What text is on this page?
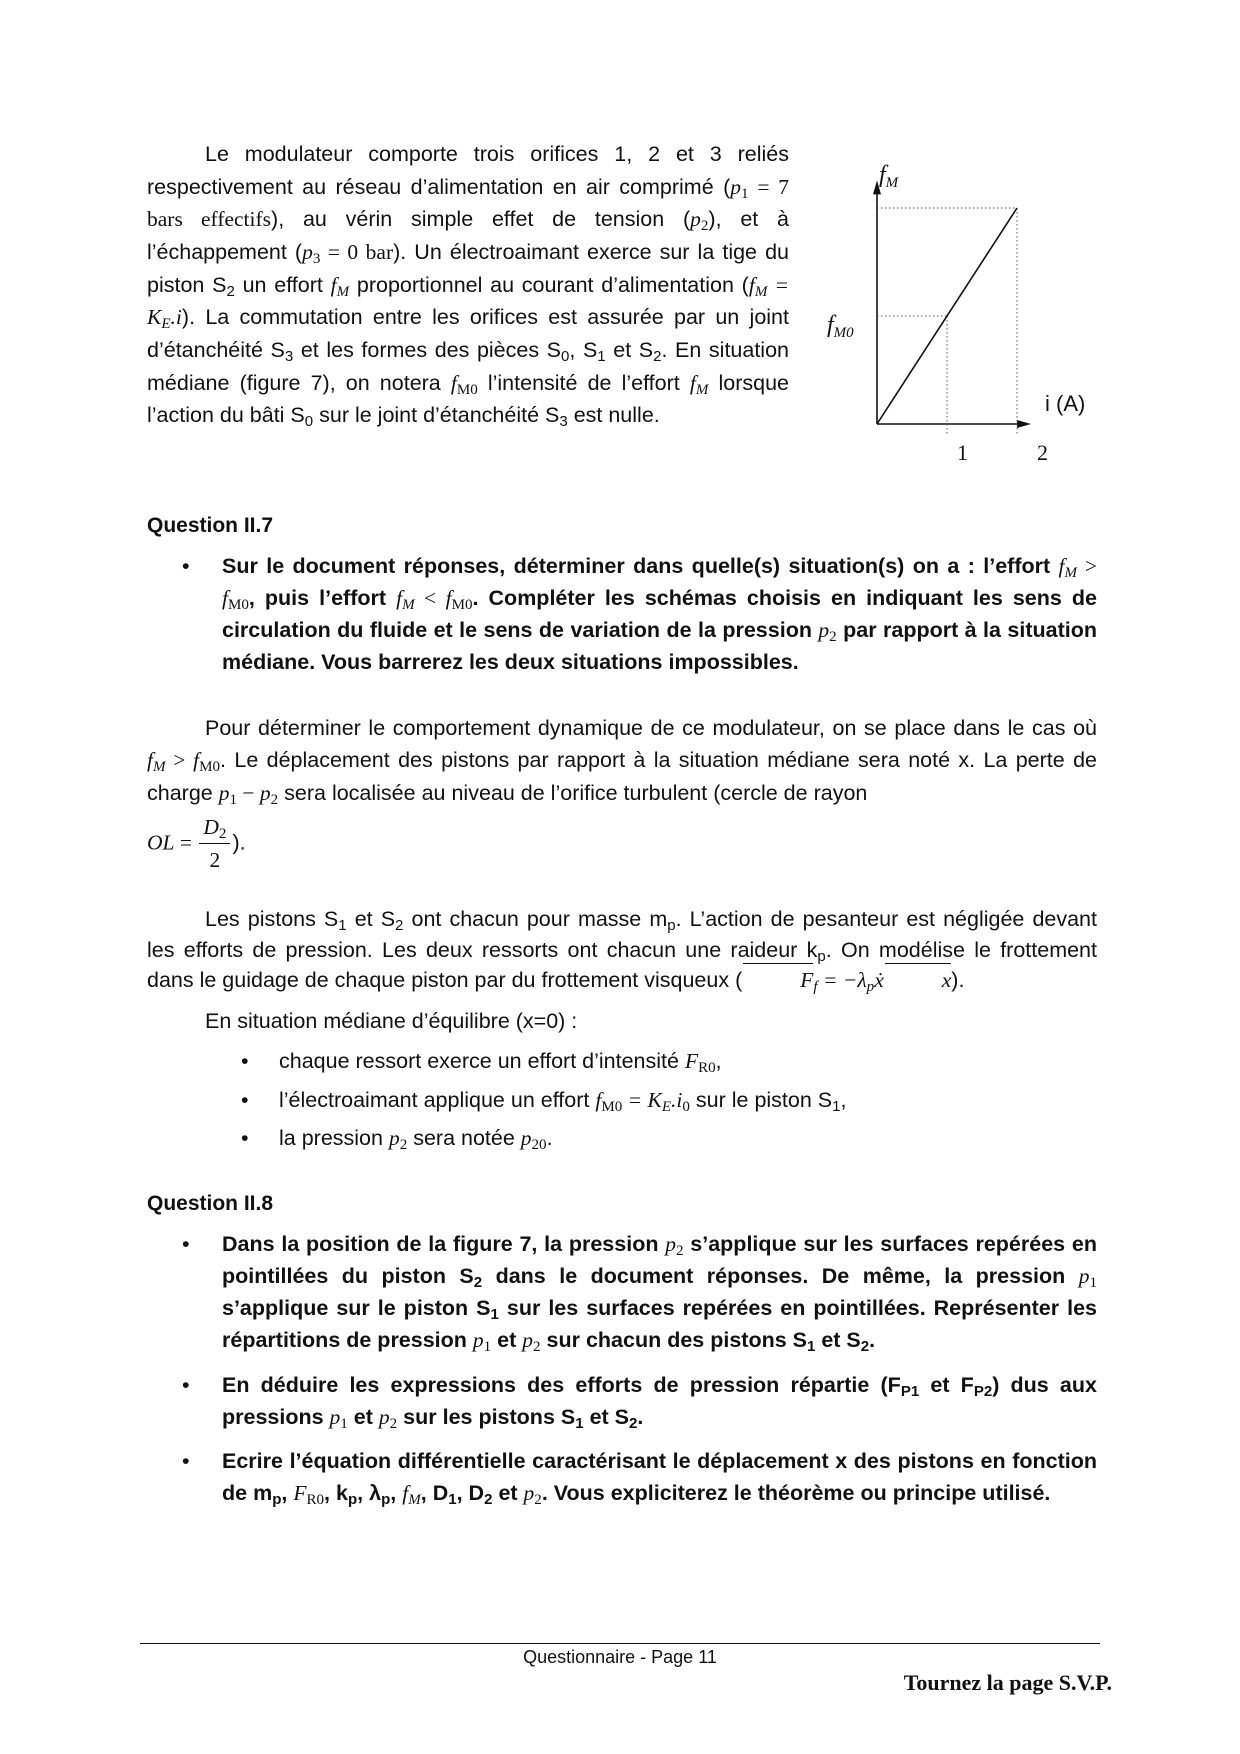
Le modulateur comporte trois orifices 1, 2 et 3 reliés respectivement au réseau d’alimentation en air comprimé ($p_1 = 7$ bars effectifs), au vérin simple effet de tension $(p_2)$, et à l’échappement ($p_3 = 0$ bar). Un électroaimant exerce sur la tige du piston $S_2$ un effort $f_M$ proportionnel au courant d’alimentation $(f_M = K_E.i)$. La commutation entre les orifices est assurée par un joint d’étanchéité $S_3$ et les formes des pièces $S_0$, $S_1$ et $S_2$. En situation médiane (figure 7), on notera $f_{M0}$ l’intensité de l’effort $f_M$ lorsque l’action du bâti $S_0$ sur le joint d’étanchéité $S_3$ est nulle.

$f_M$
$f_{M0}$
i (A)
1	2
Question II.7
• Sur le document réponses, déterminer dans quelle(s) situation(s) on a : l’effort $f_M > f_{M0}$, puis l’effort $f_M < f_{M0}$. Compléter les schémas choisis en indiquant les sens de circulation du fluide et le sens de variation de la pression $p_2$ par rapport à la situation médiane. Vous barrerez les deux situations impossibles.

Pour déterminer le comportement dynamique de ce modulateur, on se place dans le cas où $f_M > f_{M0}$. Le déplacement des pistons par rapport à la situation médiane sera noté x. La perte de charge $p_1 - p_2$ sera localisée au niveau de l’orifice turbulent (cercle de rayon

OL = $\frac{D_2}{2}$ ).

Les pistons $S_1$ et $S_2$ ont chacun pour masse $m_p$. L’action de pesanteur est négligée devant les efforts de pression. Les deux ressorts ont chacun une raideur $k_p$. On modélise le frottement dans le guidage de chaque piston par du frottement visqueux (	$F_f$ = $-\lambda_pẋ$	x).

En situation médiane d’équilibre (x=0) :

• chaque ressort exerce un effort d’intensité $F_{R0}$,
• l’électroaimant applique un effort $f_{M0} = K_E.i_0$ sur le piston $S_1$,
• la pression $p_2$ sera notée $p_{20}$.
Question II.8
• Dans la position de la figure 7, la pression $p_2$ s’applique sur les surfaces repérées en pointillées du piston $S_2$ dans le document réponses. De même, la pression $p_1$ s’applique sur le piston $S_1$ sur les surfaces repérées en pointillées. Représenter les répartitions de pression $p_1$ et $p_2$ sur chacun des pistons $S_1$ et $S_2$.
• En déduire les expressions des efforts de pression répartie ($F_{P1}$ et $F_{P2}$) dus aux pressions $p_1$ et $p_2$ sur les pistons $S_1$ et $S_2$.
• Ecrire l’équation différentielle caractérisant le déplacement x des pistons en fonction de $m_p$, $F_{R0}$, $k_p$, $\lambda_p$, $f_M$, $D_1$, $D_2$ et $p_2$. Vous expliciterez le théorème ou principe utilisé.
Questionnaire - Page 11
Tournez la page S.V.P.
